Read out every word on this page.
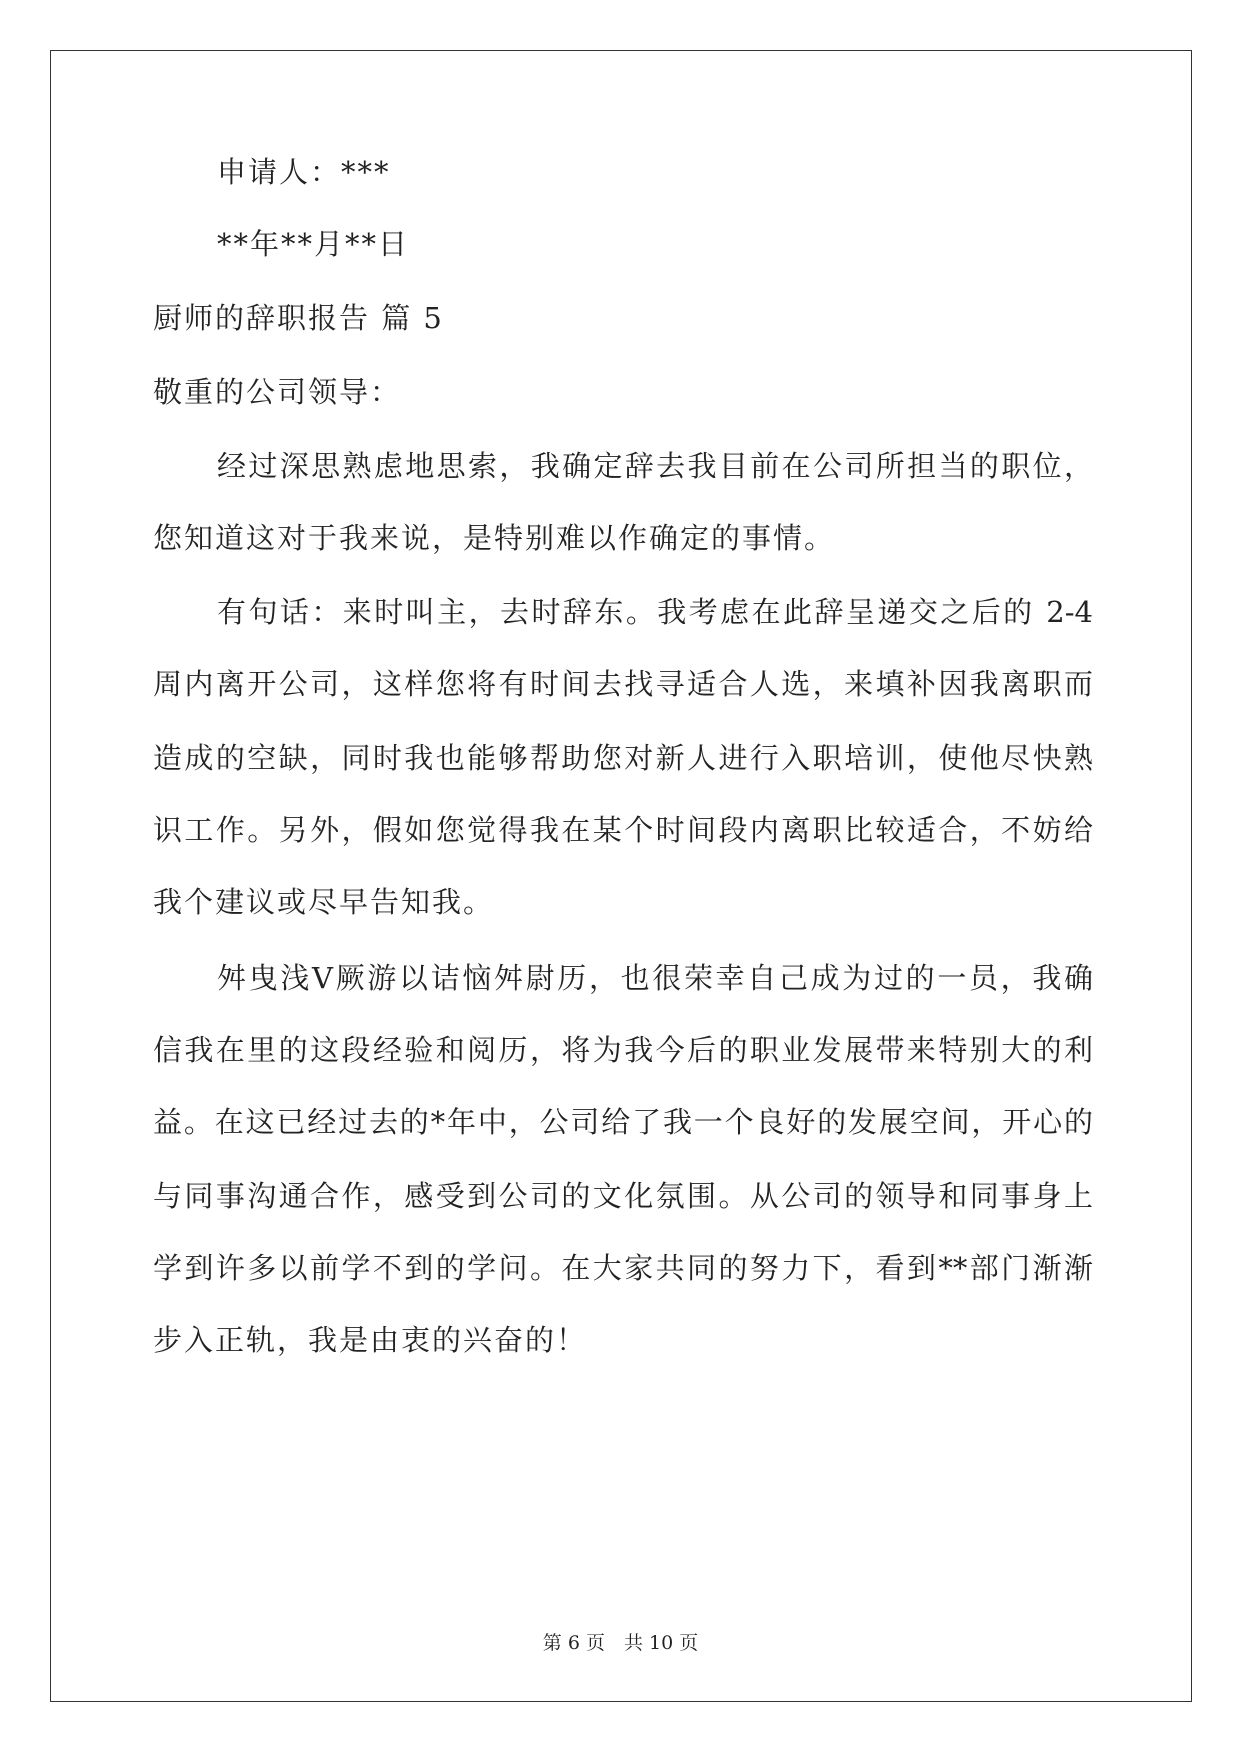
申请人：***
**年**月**日
厨师的辞职报告 篇 5
敬重的公司领导：
经过深思熟虑地思索，我确定辞去我目前在公司所担当的职位，
您知道这对于我来说，是特别难以作确定的事情。
有句话：来时叫主，去时辞东。我考虑在此辞呈递交之后的 2-4
周内离开公司，这样您将有时间去找寻适合人选，来填补因我离职而
造成的空缺，同时我也能够帮助您对新人进行入职培训，使他尽快熟
识工作。另外，假如您觉得我在某个时间段内离职比较适合，不妨给
我个建议或尽早告知我。
舛曳浅Ⅴ厥游以诘恼舛尉历，也很荣幸自己成为过的一员，我确
信我在里的这段经验和阅历，将为我今后的职业发展带来特别大的利
益。在这已经过去的*年中，公司给了我一个良好的发展空间，开心的
与同事沟通合作，感受到公司的文化氛围。从公司的领导和同事身上
学到许多以前学不到的学问。在大家共同的努力下，看到**部门渐渐
步入正轨，我是由衷的兴奋的！
第 6 页　共 10 页
